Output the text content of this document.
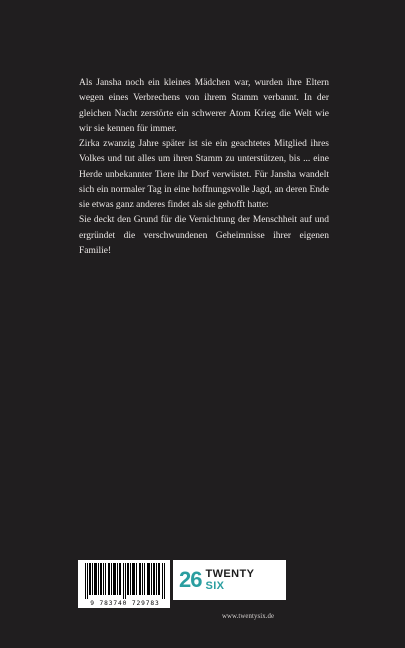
Als Jansha noch ein kleines Mädchen war, wurden ihre Eltern wegen eines Verbrechens von ihrem Stamm verbannt. In der gleichen Nacht zerstörte ein schwerer Atom Krieg die Welt wie wir sie kennen für immer.

Zirka zwanzig Jahre später ist sie ein geachtetes Mitglied ihres Volkes und tut alles um ihren Stamm zu unterstützen, bis ... eine Herde unbekannter Tiere ihr Dorf verwüstet. Für Jansha wandelt sich ein normaler Tag in eine hoffnungsvolle Jagd, an deren Ende sie etwas ganz anderes findet als sie gehofft hatte:

Sie deckt den Grund für die Vernichtung der Menschheit auf und ergründet die verschwundenen Geheimnisse ihrer eigenen Familie!

9 783740 729783
26 TWENTY
SIX
www.twentysix.de
